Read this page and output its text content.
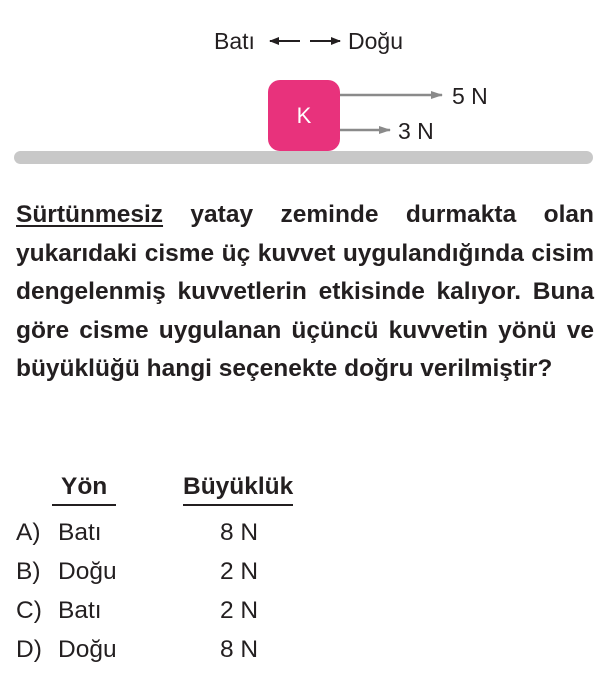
Batı	Doğu
K
5 N
3 N

Sürtünmesiz yatay zeminde durmakta olan yukarıdaki cisme üç kuvvet uygulandığında cisim dengelenmiş kuvvetlerin etkisinde kalıyor. Buna göre cisme uygulanan üçüncü kuvvetin yönü ve büyüklüğü hangi seçenekte doğru verilmiştir?

Yön	Büyüklük
A) Batı	8 N
B) Doğu	2 N
C) Batı	2 N
D) Doğu	8 N
